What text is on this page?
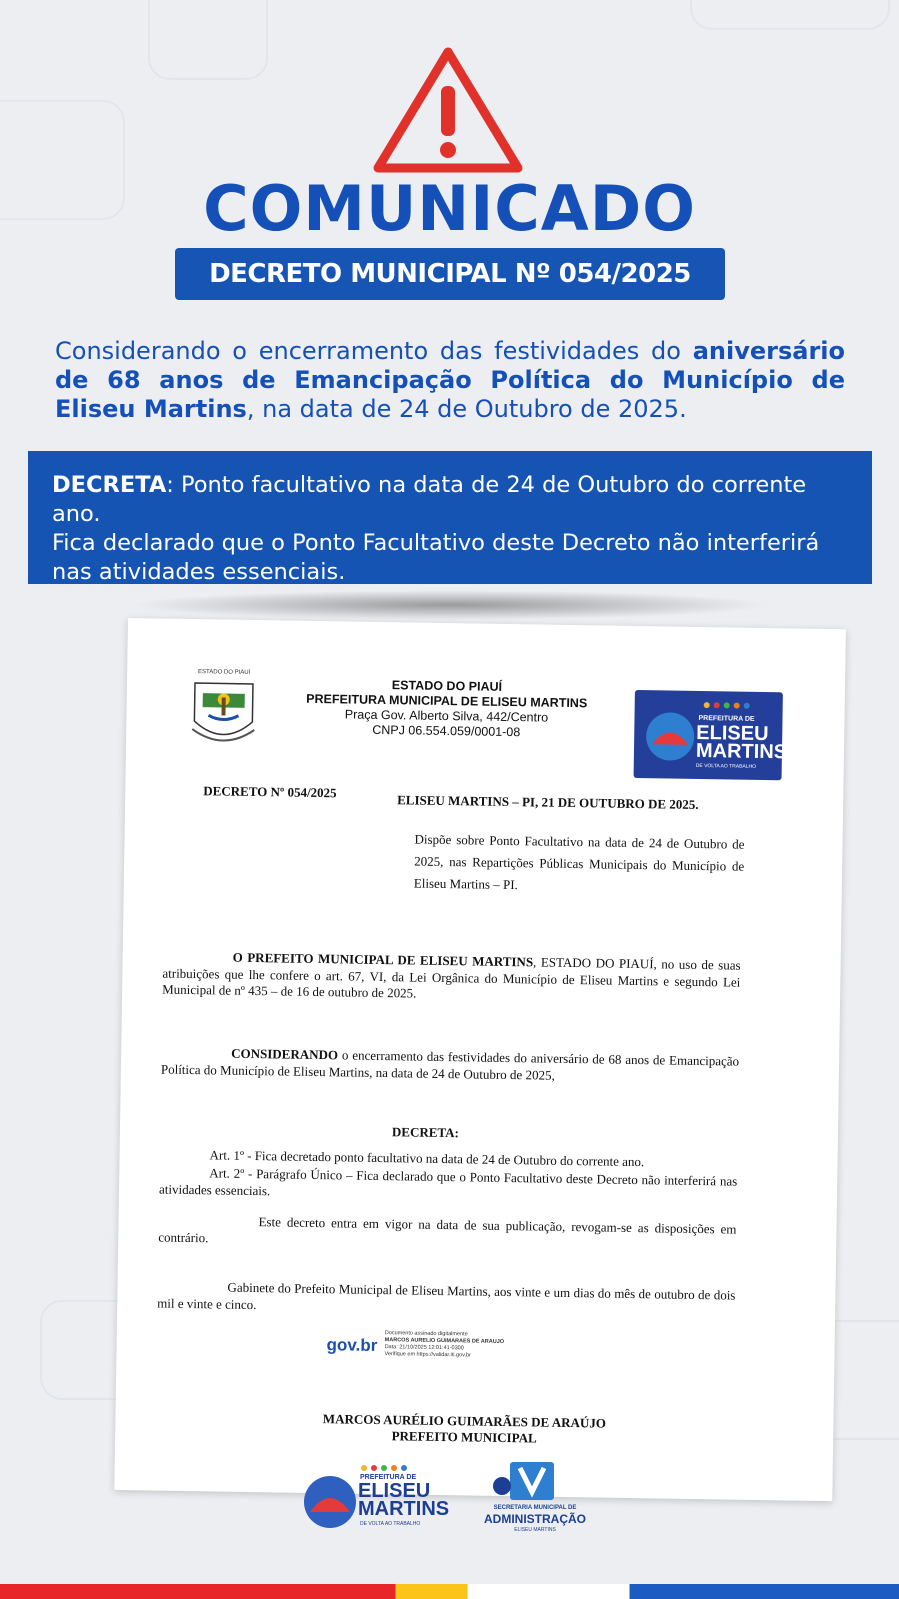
COMUNICADO
DECRETO MUNICIPAL Nº 054/2025
Considerando o encerramento das festividades do aniversário de 68 anos de Emancipação Política do Município de Eliseu Martins, na data de 24 de Outubro de 2025.
DECRETA: Ponto facultativo na data de 24 de Outubro do corrente ano.
Fica declarado que o Ponto Facultativo deste Decreto não interferirá nas atividades essenciais.
ESTADO DO PIAUÍ
ESTADO DO PIAUÍ
PREFEITURA MUNICIPAL DE ELISEU MARTINS
Praça Gov. Alberto Silva, 442/Centro
CNPJ 06.554.059/0001-08
PREFEITURA DE
ELISEU
MARTINS
DE VOLTA AO TRABALHO
DECRETO Nº 054/2025
ELISEU MARTINS – PI, 21 DE OUTUBRO DE 2025.
Dispõe sobre Ponto Facultativo na data de 24 de Outubro de 2025, nas Repartições Públicas Municipais do Município de Eliseu Martins – PI.
O PREFEITO MUNICIPAL DE ELISEU MARTINS, ESTADO DO PIAUÍ, no uso de suas atribuições que lhe confere o art. 67, VI, da Lei Orgânica do Município de Eliseu Martins e segundo Lei Municipal de nº 435 – de 16 de outubro de 2025.
CONSIDERANDO o encerramento das festividades do aniversário de 68 anos de Emancipação Política do Município de Eliseu Martins, na data de 24 de Outubro de 2025,
DECRETA:
Art. 1º - Fica decretado ponto facultativo na data de 24 de Outubro do corrente ano.
Art. 2º - Parágrafo Único – Fica declarado que o Ponto Facultativo deste Decreto não interferirá nas atividades essenciais.
Este decreto entra em vigor na data de sua publicação, revogam-se as disposições em contrário.
Gabinete do Prefeito Municipal de Eliseu Martins, aos vinte e um dias do mês de outubro de dois mil e vinte e cinco.
gov.br
Documento assinado digitalmente
MARCOS AURELIO GUIMARAES DE ARAUJO
Data: 21/10/2025 12:01:41-0300
Verifique em https://validar.iti.gov.br
MARCOS AURÉLIO GUIMARÃES DE ARAÚJO
PREFEITO MUNICIPAL
PREFEITURA DE
ELISEU
MARTINS
DE VOLTA AO TRABALHO
SECRETARIA MUNICIPAL DE
ADMINISTRAÇÃO
ELISEU MARTINS
